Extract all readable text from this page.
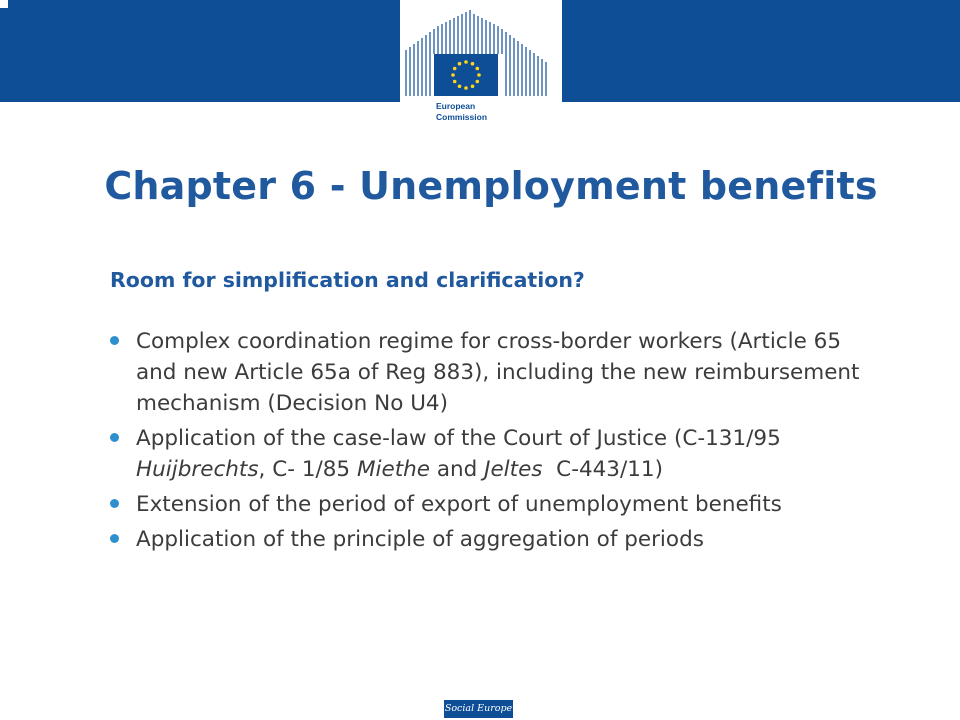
European
Commission
Chapter 6 - Unemployment benefits
Room for simplification and clarification?
Complex coordination regime for cross-border workers (Article 65 and new Article 65a of Reg 883), including the new reimbursement mechanism (Decision No U4)
Application of the case-law of the Court of Justice (C-131/95 Huijbrechts, C- 1/85 Miethe and Jeltes  C-443/11)
Extension of the period of export of unemployment benefits
Application of the principle of aggregation of periods
Social Europe
